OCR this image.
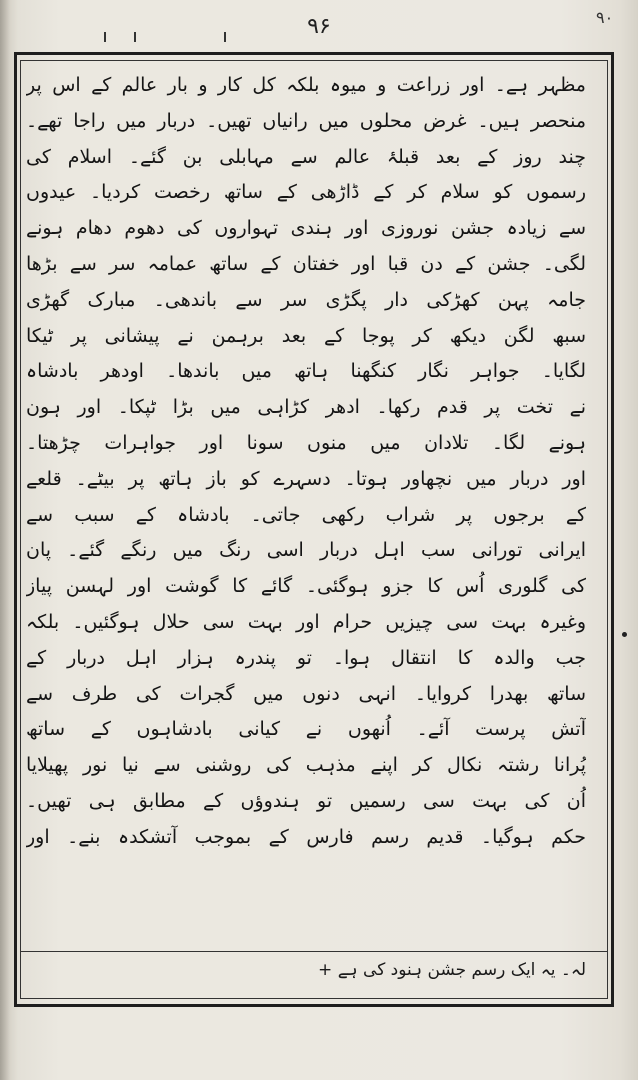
۹۶	٩٠
مظہر ہے۔ اور زراعت و میوہ بلکہ کل کار و بار عالم کے اس پر
منحصر ہیں۔ غرض محلوں میں رانیاں تھیں۔ دربار میں راجا تھے۔
چند روز کے بعد قبلۂ عالم سے مہابلی بن گئے۔ اسلام کی
رسموں کو سلام کر کے ڈاڑھی کے ساتھ رخصت کردیا۔ عیدوں
سے زیادہ جشن نوروزی اور ہندی تہواروں کی دھوم دھام ہونے
لگی۔ جشن کے دن قبا اور خفتان کے ساتھ عمامہ سر سے بڑھا
جامہ پہن کھڑکی دار پگڑی سر سے باندھی۔ مبارک گھڑی
سبھ لگن دیکھ کر پوجا کے بعد برہمن نے پیشانی پر ٹیکا
لگایا۔ جواہر نگار کنگھنا ہاتھ میں باندھا۔ اودھر بادشاہ
نے تخت پر قدم رکھا۔ ادھر کڑاہی میں بڑا ٹپکا۔ اور ہون
ہونے لگا۔ تلادان میں منوں سونا اور جواہرات چڑھتا۔
اور دربار میں نچھاور ہوتا۔ دسہرے کو باز ہاتھ پر بیٹے۔ قلعے
کے برجوں پر شراب رکھی جاتی۔ بادشاہ کے سبب سے
ایرانی تورانی سب اہل دربار اسی رنگ میں رنگے گئے۔ پان
کی گلوری اُس کا جزو ہوگئی۔ گائے کا گوشت اور لہسن پیاز
وغیرہ بہت سی چیزیں حرام اور بہت سی حلال ہوگئیں۔ بلکہ
جب والدہ کا انتقال ہوا۔ تو پندرہ ہزار اہل دربار کے
ساتھ بھدرا کروایا۔ انہی دنوں میں گجرات کی طرف سے
آتش پرست آئے۔ اُنھوں نے کیانی بادشاہوں کے ساتھ
پُرانا رشتہ نکال کر اپنے مذہب کی روشنی سے نیا نور پھیلایا
اُن کی بہت سی رسمیں تو ہندوؤں کے مطابق ہی تھیں۔
حکم ہوگیا۔ قدیم رسم فارس کے بموجب آتشکدہ بنے۔ اور
لہ۔ یہ ایک رسم جشن ہنود کی ہے +
